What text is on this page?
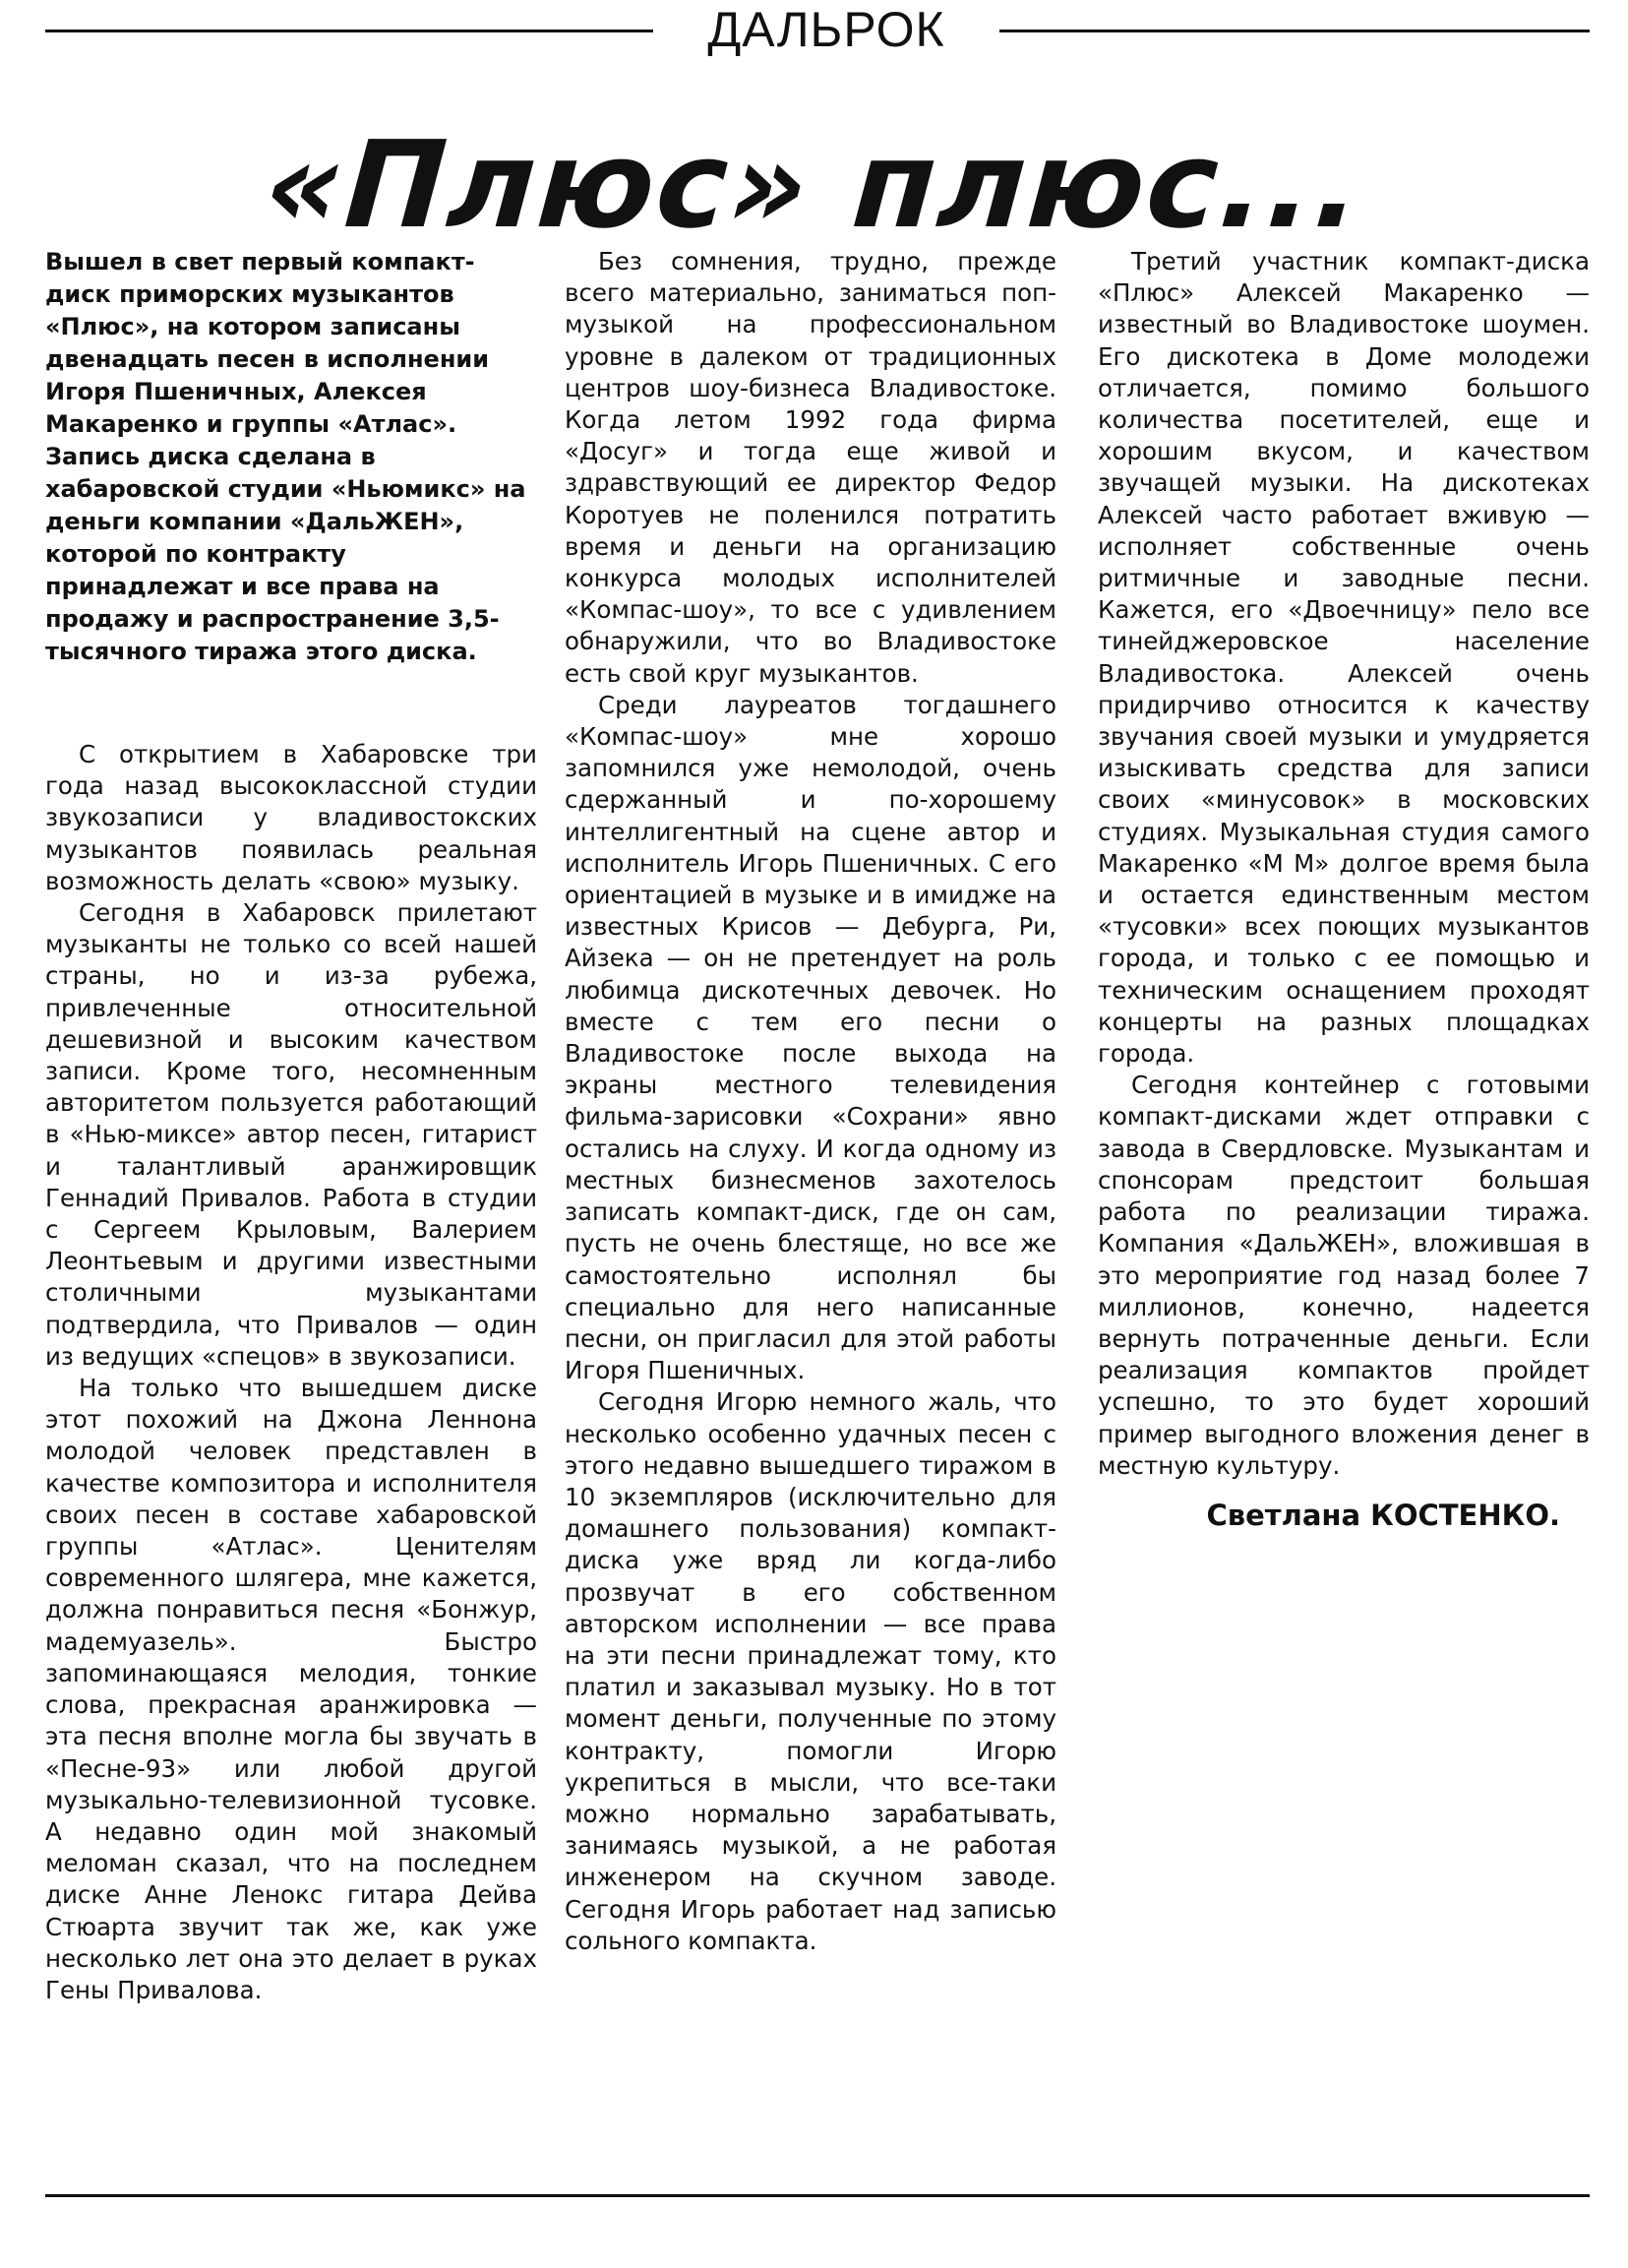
ДАЛЬРОК
«Плюс» плюс...

Вышел в свет первый компакт-диск приморских музыкантов «Плюс», на котором записаны двенадцать песен в исполнении Игоря Пшеничных, Алексея Макаренко и группы «Атлас». Запись диска сделана в хабаровской студии «Ньюмикс» на деньги компании «ДальЖЕН», которой по контракту принадлежат и все права на продажу и распространение 3,5-тысячного тиража этого диска.

С открытием в Хабаровске три года назад высококлассной студии звукозаписи у владивостокских музыкантов появилась реальная возможность делать «свою» музыку.

Сегодня в Хабаровск прилетают музыканты не только со всей нашей страны, но и из-за рубежа, привлеченные относительной дешевизной и высоким качеством записи. Кроме того, несомненным авторитетом пользуется работающий в «Нью-миксе» автор песен, гитарист и талантливый аранжировщик Геннадий Привалов. Работа в студии с Сергеем Крыловым, Валерием Леонтьевым и другими известными столичными музыкантами подтвердила, что Привалов — один из ведущих «спецов» в звукозаписи.

На только что вышедшем диске этот похожий на Джона Леннона молодой человек представлен в качестве композитора и исполнителя своих песен в составе хабаровской группы «Атлас». Ценителям современного шлягера, мне кажется, должна понравиться песня «Бонжур, мадемуазель». Быстро запоминающаяся мелодия, тонкие слова, прекрасная аранжировка — эта песня вполне могла бы звучать в «Песне-93» или любой другой музыкально-телевизионной тусовке. А недавно один мой знакомый меломан сказал, что на последнем диске Анне Ленокс гитара Дейва Стюарта звучит так же, как уже несколько лет она это делает в руках Гены Привалова.

Без сомнения, трудно, прежде всего материально, заниматься поп-музыкой на профессиональном уровне в далеком от традиционных центров шоу-бизнеса Владивостоке. Когда летом 1992 года фирма «Досуг» и тогда еще живой и здравствующий ее директор Федор Коротуев не поленился потратить время и деньги на организацию конкурса молодых исполнителей «Компас-шоу», то все с удивлением обнаружили, что во Владивостоке есть свой круг музыкантов.

Среди лауреатов тогдашнего «Компас-шоу» мне хорошо запомнился уже немолодой, очень сдержанный и по-хорошему интеллигентный на сцене автор и исполнитель Игорь Пшеничных. С его ориентацией в музыке и в имидже на известных Крисов — Дебурга, Ри, Айзека — он не претендует на роль любимца дискотечных девочек. Но вместе с тем его песни о Владивостоке после выхода на экраны местного телевидения фильма-зарисовки «Сохрани» явно остались на слуху. И когда одному из местных бизнесменов захотелось записать компакт-диск, где он сам, пусть не очень блестяще, но все же самостоятельно исполнял бы специально для него написанные песни, он пригласил для этой работы Игоря Пшеничных.

Сегодня Игорю немного жаль, что несколько особенно удачных песен с этого недавно вышедшего тиражом в 10 экземпляров (исключительно для домашнего пользования) компакт-диска уже вряд ли когда-либо прозвучат в его собственном авторском исполнении — все права на эти песни принадлежат тому, кто платил и заказывал музыку. Но в тот момент деньги, полученные по этому контракту, помогли Игорю укрепиться в мысли, что все-таки можно нормально зарабатывать, занимаясь музыкой, а не работая инженером на скучном заводе. Сегодня Игорь работает над записью сольного компакта.

Третий участник компакт-диска «Плюс» Алексей Макаренко — известный во Владивостоке шоумен. Его дискотека в Доме молодежи отличается, помимо большого количества посетителей, еще и хорошим вкусом, и качеством звучащей музыки. На дискотеках Алексей часто работает вживую — исполняет собственные очень ритмичные и заводные песни. Кажется, его «Двоечницу» пело все тинейджеровское население Владивостока. Алексей очень придирчиво относится к качеству звучания своей музыки и умудряется изыскивать средства для записи своих «минусовок» в московских студиях. Музыкальная студия самого Макаренко «М М» долгое время была и остается единственным местом «тусовки» всех поющих музыкантов города, и только с ее помощью и техническим оснащением проходят концерты на разных площадках города.

Сегодня контейнер с готовыми компакт-дисками ждет отправки с завода в Свердловске. Музыкантам и спонсорам предстоит большая работа по реализации тиража. Компания «ДальЖЕН», вложившая в это мероприятие год назад более 7 миллионов, конечно, надеется вернуть потраченные деньги. Если реализация компактов пройдет успешно, то это будет хороший пример выгодного вложения денег в местную культуру.

Светлана КОСТЕНКО.
